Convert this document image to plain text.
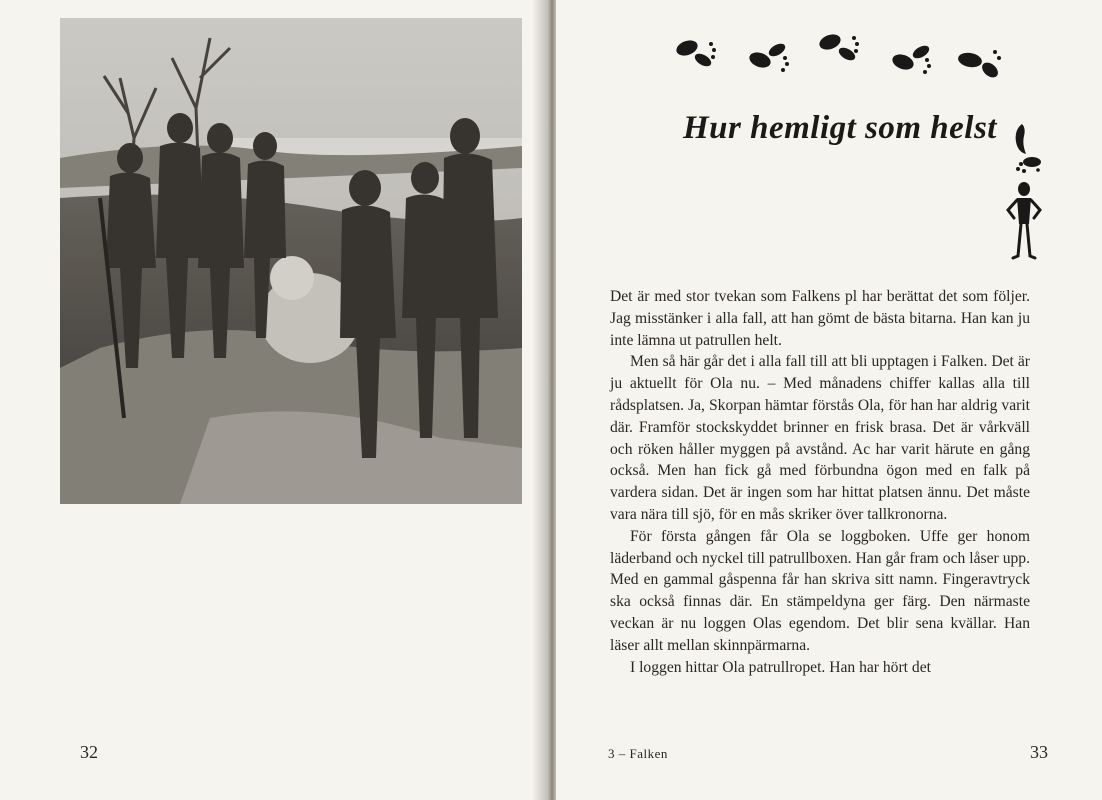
32
Hur hemligt som helst

Det är med stor tvekan som Falkens pl har berättat det som följer. Jag misstänker i alla fall, att han gömt de bästa bitarna. Han kan ju inte lämna ut patrullen helt.

Men så här går det i alla fall till att bli upptagen i Falken. Det är ju aktuellt för Ola nu. – Med månadens chiffer kallas alla till rådsplatsen. Ja, Skorpan hämtar förstås Ola, för han har aldrig varit där. Framför stockskyddet brinner en frisk brasa. Det är vårkväll och röken håller myggen på avstånd. Ac har varit härute en gång också. Men han fick gå med förbundna ögon med en falk på vardera sidan. Det är ingen som har hittat platsen ännu. Det måste vara nära till sjö, för en mås skriker över tallkronorna.

För första gången får Ola se loggboken. Uffe ger honom läderband och nyckel till patrullboxen. Han går fram och låser upp. Med en gammal gåspenna får han skriva sitt namn. Fingeravtryck ska också finnas där. En stämpeldyna ger färg. Den närmaste veckan är nu loggen Olas egendom. Det blir sena kvällar. Han läser allt mellan skinnpärmarna.

I loggen hittar Ola patrullropet. Han har hört det

3 – Falken	33
